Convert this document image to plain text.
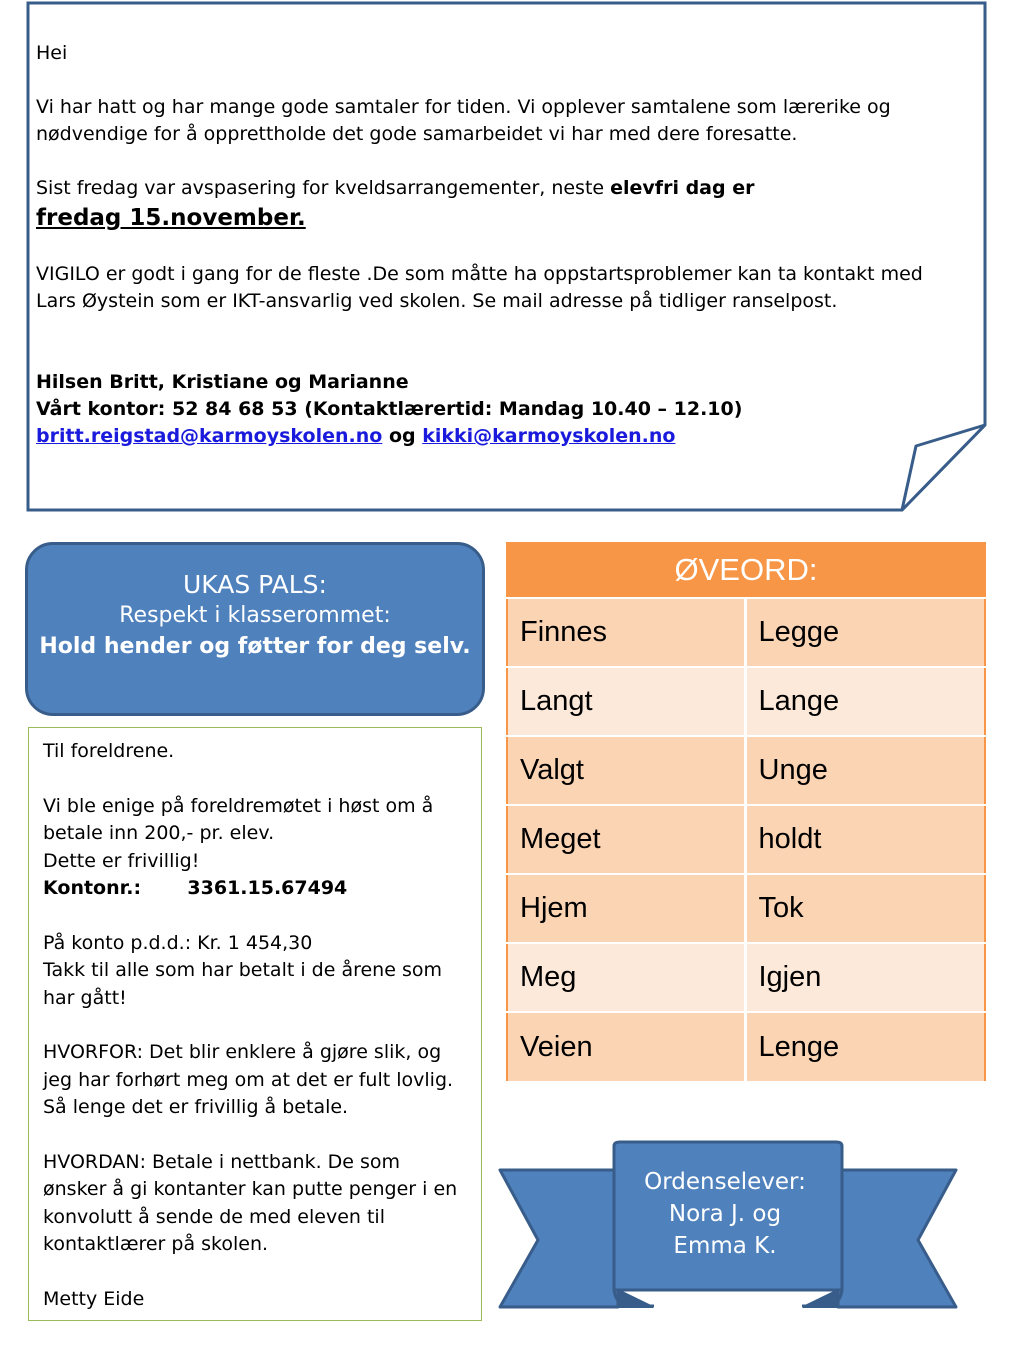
Hei

Vi har hatt og har mange gode samtaler for tiden. Vi opplever samtalene som lærerike og nødvendige for å opprettholde det gode samarbeidet vi har med dere foresatte.

Sist fredag var avspasering for kveldsarrangementer, neste elevfri dag er

fredag 15.november.

VIGILO er godt i gang for de fleste .De som måtte ha oppstartsproblemer kan ta kontakt med Lars Øystein som er IKT-ansvarlig ved skolen. Se mail adresse på tidliger ranselpost.

Hilsen Britt, Kristiane og Marianne
Vårt kontor: 52 84 68 53 (Kontaktlærertid: Mandag 10.40 – 12.10)
britt.reigstad@karmoyskolen.no og kikki@karmoyskolen.no
UKAS PALS:
Respekt i klasserommet:
Hold hender og føtter for deg selv.
Til foreldrene.
Vi ble enige på foreldremøtet i høst om å betale inn 200,- pr. elev.
Dette er frivillig!
Kontonr.:       3361.15.67494
På konto p.d.d.: Kr. 1 454,30
Takk til alle som har betalt i de årene som har gått!
HVORFOR: Det blir enklere å gjøre slik, og jeg har forhørt meg om at det er fult lovlig. Så lenge det er frivillig å betale.
HVORDAN: Betale i nettbank. De som ønsker å gi kontanter kan putte penger i en konvolutt å sende de med eleven til kontaktlærer på skolen.
Metty Eide
ØVEORD:	
Finnes	Legge
Langt	Lange
Valgt	Unge
Meget	holdt
Hjem	Tok
Meg	Igjen
Veien	Lenge
Ordenselever:
Nora J. og
Emma K.
